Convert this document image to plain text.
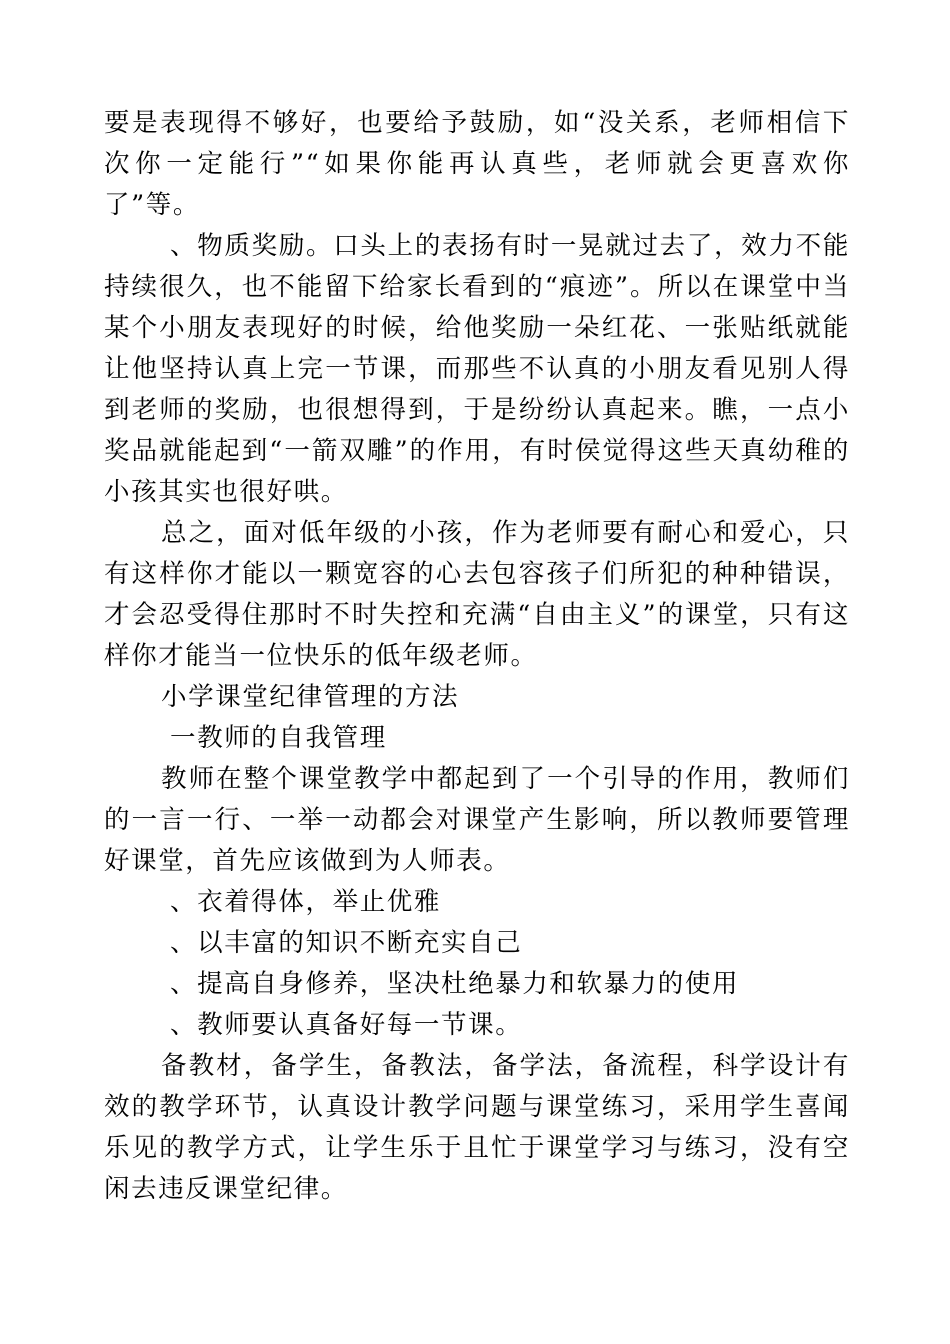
要是表现得不够好，也要给予鼓励，如“没关系，老师相信下次你一定能行”“如果你能再认真些，老师就会更喜欢你了”等。

、物质奖励。口头上的表扬有时一晃就过去了，效力不能持续很久，也不能留下给家长看到的“痕迹”。所以在课堂中当某个小朋友表现好的时候，给他奖励一朵红花、一张贴纸就能让他坚持认真上完一节课，而那些不认真的小朋友看见别人得到老师的奖励，也很想得到，于是纷纷认真起来。瞧，一点小奖品就能起到“一箭双雕”的作用，有时侯觉得这些天真幼稚的小孩其实也很好哄。

总之，面对低年级的小孩，作为老师要有耐心和爱心，只有这样你才能以一颗宽容的心去包容孩子们所犯的种种错误，才会忍受得住那时不时失控和充满“自由主义”的课堂，只有这样你才能当一位快乐的低年级老师。

小学课堂纪律管理的方法

一教师的自我管理

教师在整个课堂教学中都起到了一个引导的作用，教师们的一言一行、一举一动都会对课堂产生影响，所以教师要管理好课堂，首先应该做到为人师表。

、衣着得体，举止优雅

、以丰富的知识不断充实自己

、提高自身修养，坚决杜绝暴力和软暴力的使用

、教师要认真备好每一节课。

备教材，备学生，备教法，备学法，备流程，科学设计有效的教学环节，认真设计教学问题与课堂练习，采用学生喜闻乐见的教学方式，让学生乐于且忙于课堂学习与练习，没有空闲去违反课堂纪律。
